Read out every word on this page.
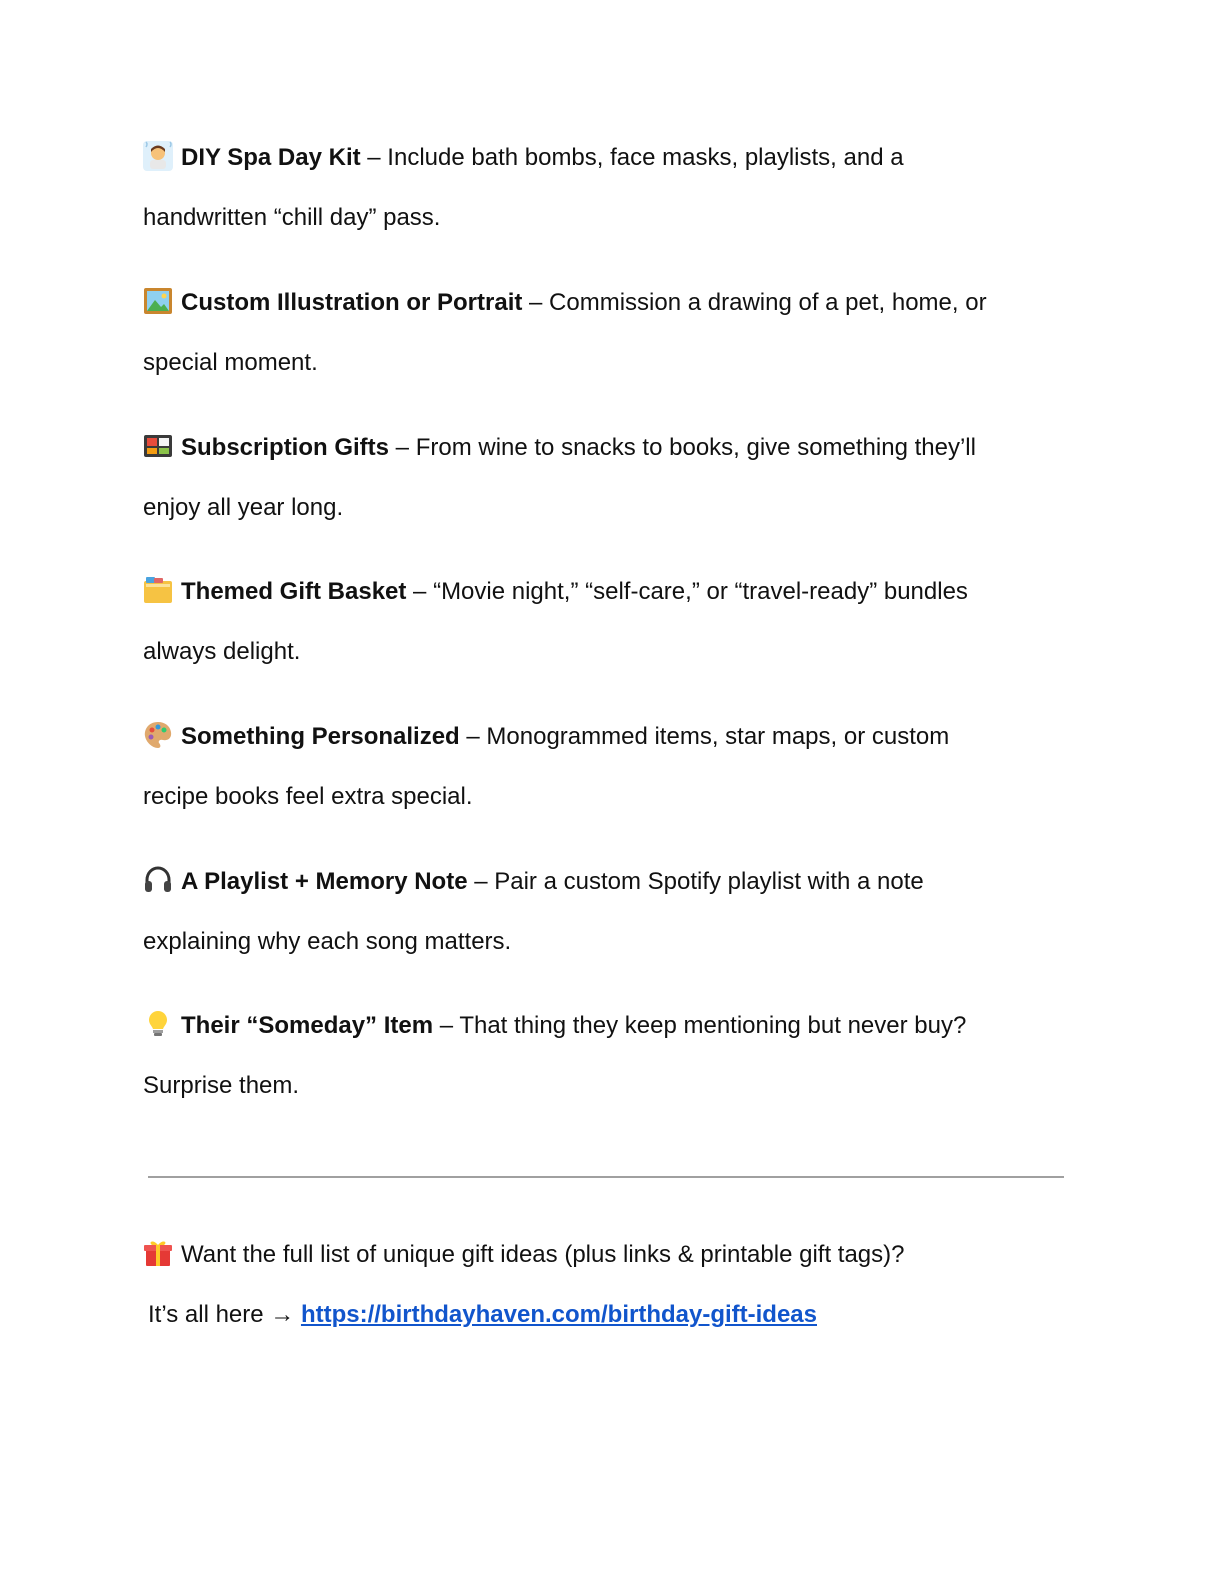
DIY Spa Day Kit – Include bath bombs, face masks, playlists, and a
handwritten “chill day” pass.
Custom Illustration or Portrait – Commission a drawing of a pet, home, or
special moment.
Subscription Gifts – From wine to snacks to books, give something they’ll
enjoy all year long.
Themed Gift Basket – “Movie night,” “self-care,” or “travel-ready” bundles
always delight.
Something Personalized – Monogrammed items, star maps, or custom
recipe books feel extra special.
A Playlist + Memory Note – Pair a custom Spotify playlist with a note
explaining why each song matters.
Their “Someday” Item – That thing they keep mentioning but never buy?
Surprise them.
Want the full list of unique gift ideas (plus links & printable gift tags)?
It’s all here → https://birthdayhaven.com/birthday-gift-ideas
